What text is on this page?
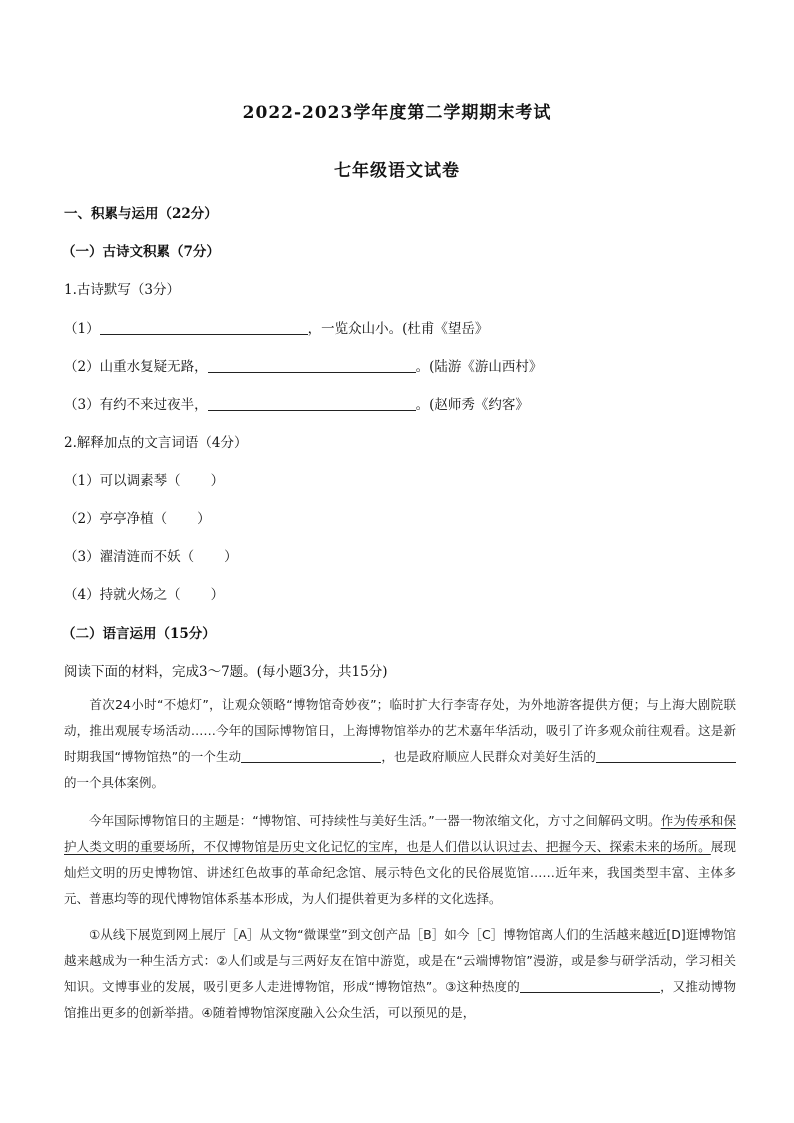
2022-2023学年度第二学期期末考试
七年级语文试卷
一、积累与运用（22分）
（一）古诗文积累（7分）
1.古诗默写（3分）
（1）	，一览众山小。(杜甫《望岳》
（2）山重水复疑无路，	。(陆游《游山西村》
（3）有约不来过夜半，	。(赵师秀《约客》
2.解释加点的文言词语（4分）
（1）可以调素琴（ ）
（2）亭亭净植（ ）
（3）濯清涟而不妖（ ）
（4）持就火炀之（ ）
（二）语言运用（15分）
阅读下面的材料，完成3～7题。(每小题3分，共15分)
首次24小时“不熄灯”，让观众领略“博物馆奇妙夜”；临时扩大行李寄存处，为外地游客提供方便；与上海大剧院联动，推出观展专场活动……今年的国际博物馆日，上海博物馆举办的艺术嘉年华活动，吸引了许多观众前往观看。这是新时期我国“博物馆热”的一个生动	，也是政府顺应人民群众对美好生活的的一个具体案例。
今年国际博物馆日的主题是：“博物馆、可持续性与美好生活。”一器一物浓缩文化，方寸之间解码文明。作为传承和保护人类文明的重要场所，不仅博物馆是历史文化记忆的宝库，也是人们借以认识过去、把握今天、探索未来的场所。展现灿烂文明的历史博物馆、讲述红色故事的革命纪念馆、展示特色文化的民俗展览馆……近年来，我国类型丰富、主体多元、普惠均等的现代博物馆体系基本形成，为人们提供着更为多样的文化选择。
①从线下展览到网上展厅［A］从文物“微课堂”到文创产品［B］如今［C］博物馆离人们的生活越来越近[D]逛博物馆越来越成为一种生活方式：②人们或是与三两好友在馆中游览，或是在“云端博物馆”漫游，或是参与研学活动，学习相关知识。文博事业的发展，吸引更多人走进博物馆，形成“博物馆热”。③这种热度的	，又推动博物馆推出更多的创新举措。④随着博物馆深度融入公众生活，可以预见的是，
